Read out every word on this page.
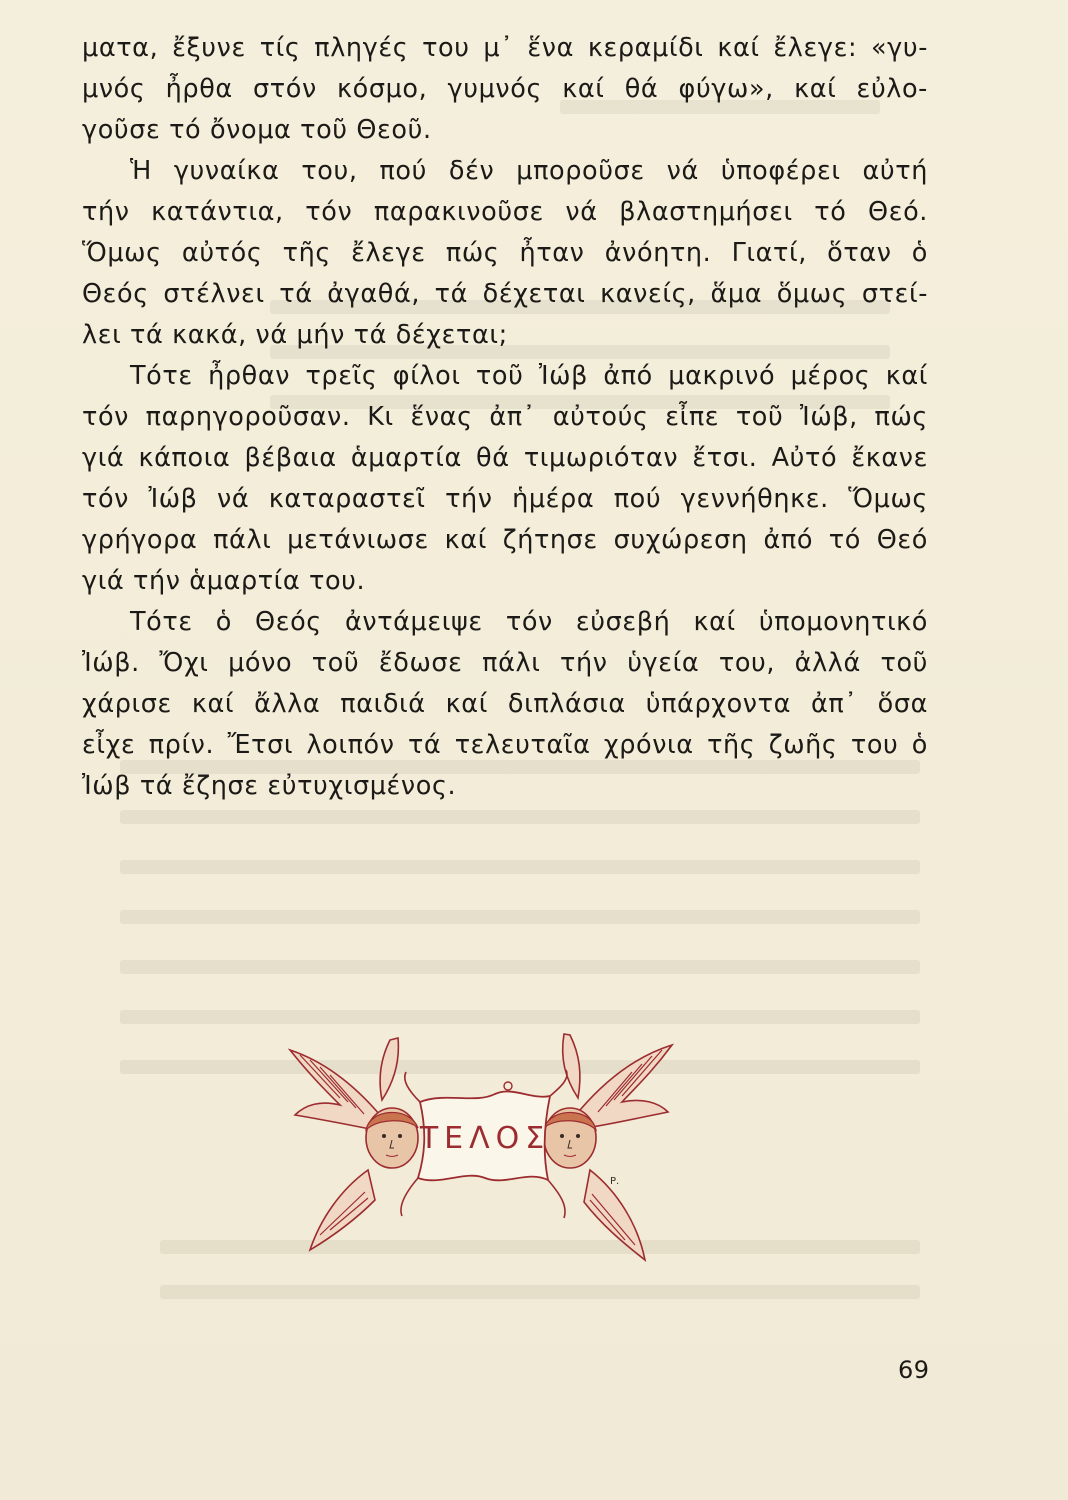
ματα, ἔξυνε τίς πληγές του μ᾽ ἕνα κεραμίδι καί ἔλεγε: «γυ-
μνός ἦρθα στόν κόσμο, γυμνός καί θά φύγω», καί εὐλο-
γοῦσε τό ὄνομα τοῦ Θεοῦ.
Ἡ γυναίκα του, πού δέν μποροῦσε νά ὑποφέρει αὐτή
τήν κατάντια, τόν παρακινοῦσε νά βλαστημήσει τό Θεό.
Ὅμως αὐτός τῆς ἔλεγε πώς ἦταν ἀνόητη. Γιατί, ὅταν ὁ
Θεός στέλνει τά ἀγαθά, τά δέχεται κανείς, ἅμα ὅμως στεί-
λει τά κακά, νά μήν τά δέχεται;
Τότε ἦρθαν τρεῖς φίλοι τοῦ Ἰώβ ἀπό μακρινό μέρος καί
τόν παρηγοροῦσαν. Κι ἕνας ἀπ᾽ αὐτούς εἶπε τοῦ Ἰώβ, πώς
γιά κάποια βέβαια ἁμαρτία θά τιμωριόταν ἔτσι. Αὐτό ἔκανε
τόν Ἰώβ νά καταραστεῖ τήν ἡμέρα πού γεννήθηκε. Ὅμως
γρήγορα πάλι μετάνιωσε καί ζήτησε συχώρεση ἀπό τό Θεό
γιά τήν ἁμαρτία του.
Τότε ὁ Θεός ἀντάμειψε τόν εὐσεβή καί ὑπομονητικό
Ἰώβ. Ὄχι μόνο τοῦ ἔδωσε πάλι τήν ὑγεία του, ἀλλά τοῦ
χάρισε καί ἄλλα παιδιά καί διπλάσια ὑπάρχοντα ἀπ᾽ ὅσα
εἶχε πρίν. Ἔτσι λοιπόν τά τελευταῖα χρόνια τῆς ζωῆς του ὁ
Ἰώβ τά ἔζησε εὐτυχισμένος.
ΤΕΛΟΣ
Ρ.
69
